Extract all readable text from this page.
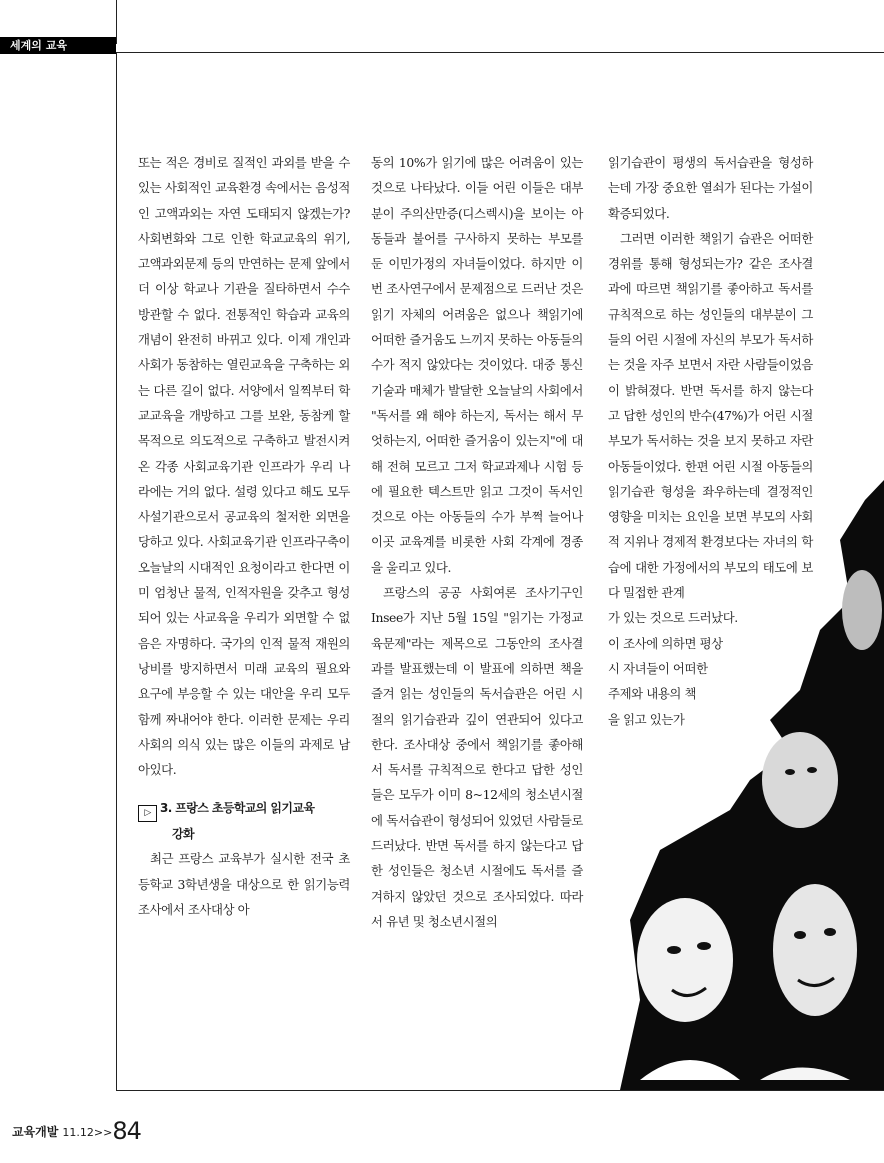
세계의 교육

또는 적은 경비로 질적인 과외를 받을 수 있는 사회적인 교육환경 속에서는 음성적인 고액과외는 자연 도태되지 않겠는가? 사회변화와 그로 인한 학교교육의 위기, 고액과외문제 등의 만연하는 문제 앞에서 더 이상 학교나 기관을 질타하면서 수수방관할 수 없다. 전통적인 학습과 교육의 개념이 완전히 바뀌고 있다. 이제 개인과 사회가 동참하는 열린교육을 구축하는 외는 다른 길이 없다. 서양에서 일찍부터 학교교육을 개방하고 그를 보완, 동참케 할 목적으로 의도적으로 구축하고 발전시켜온 각종 사회교육기관 인프라가 우리 나라에는 거의 없다. 설령 있다고 해도 모두 사설기관으로서 공교육의 철저한 외면을 당하고 있다. 사회교육기관 인프라구축이 오늘날의 시대적인 요청이라고 한다면 이미 엄청난 물적, 인적자원을 갖추고 형성되어 있는 사교육을 우리가 외면할 수 없음은 자명하다. 국가의 인적 물적 재원의 낭비를 방지하면서 미래 교육의 필요와 요구에 부응할 수 있는 대안을 우리 모두 함께 짜내어야 한다. 이러한 문제는 우리 사회의 의식 있는 많은 이들의 과제로 남아있다.

▷ 3. 프랑스 초등학교의 읽기교육
강화

최근 프랑스 교육부가 실시한 전국 초등학교 3학년생을 대상으로 한 읽기능력조사에서 조사대상 아

동의 10%가 읽기에 많은 어려움이 있는 것으로 나타났다. 이들 어린 이들은 대부분이 주의산만증(디스렉시)을 보이는 아동들과 불어를 구사하지 못하는 부모를 둔 이민가정의 자녀들이었다. 하지만 이번 조사연구에서 문제점으로 드러난 것은 읽기 자체의 어려움은 없으나 책읽기에 어떠한 즐거움도 느끼지 못하는 아동들의 수가 적지 않았다는 것이었다. 대중 통신기술과 매체가 발달한 오늘날의 사회에서 "독서를 왜 해야 하는지, 독서는 해서 무엇하는지, 어떠한 즐거움이 있는지"에 대해 전혀 모르고 그저 학교과제나 시험 등에 필요한 텍스트만 읽고 그것이 독서인 것으로 아는 아동들의 수가 부쩍 늘어나 이곳 교육계를 비롯한 사회 각계에 경종을 울리고 있다.

프랑스의 공공 사회여론 조사기구인 Insee가 지난 5월 15일 "읽기는 가정교육문제"라는 제목으로 그동안의 조사결과를 발표했는데 이 발표에 의하면 책을 즐겨 읽는 성인들의 독서습관은 어린 시절의 읽기습관과 깊이 연관되어 있다고 한다. 조사대상 중에서 책읽기를 좋아해서 독서를 규칙적으로 한다고 답한 성인들은 모두가 이미 8~12세의 청소년시절에 독서습관이 형성되어 있었던 사람들로 드러났다. 반면 독서를 하지 않는다고 답한 성인들은 청소년 시절에도 독서를 즐겨하지 않았던 것으로 조사되었다. 따라서 유년 및 청소년시절의

읽기습관이 평생의 독서습관을 형성하는데 가장 중요한 열쇠가 된다는 가설이 확증되었다.

그러면 이러한 책읽기 습관은 어떠한 경위를 통해 형성되는가? 같은 조사결과에 따르면 책읽기를 좋아하고 독서를 규칙적으로 하는 성인들의 대부분이 그들의 어린 시절에 자신의 부모가 독서하는 것을 자주 보면서 자란 사람들이었음이 밝혀졌다. 반면 독서를 하지 않는다고 답한 성인의 반수(47%)가 어린 시절 부모가 독서하는 것을 보지 못하고 자란 아동들이었다. 한편 어린 시절 아동들의 읽기습관 형성을 좌우하는데 결정적인 영향을 미치는 요인을 보면 부모의 사회적 지위나 경제적 환경보다는 자녀의 학습에 대한 가정에서의 부모의 태도에 보다 밀접한 관계

가 있는 것으로 드러났다.

이 조사에 의하면 평상

시 자녀들이 어떠한

주제와 내용의 책

을 읽고 있는가

교육개발 11.12>>84
